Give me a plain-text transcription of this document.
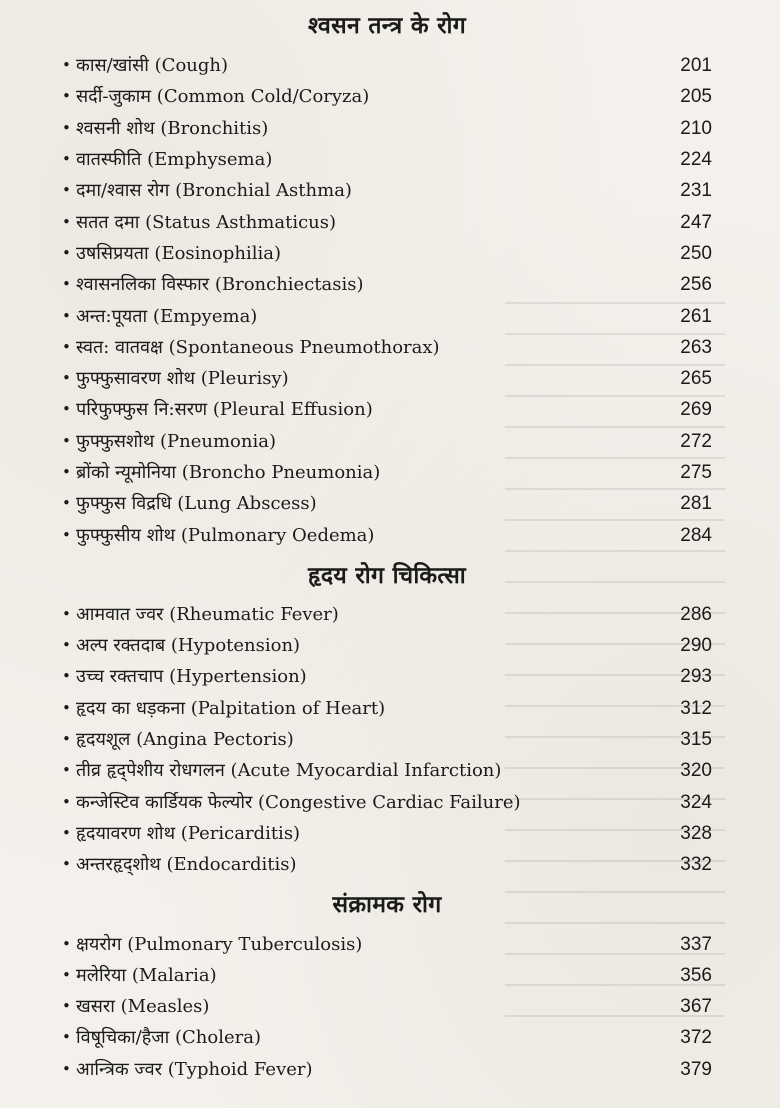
श्वसन तन्त्र के रोग
• कास/खांसी (Cough)	201
• सर्दी-जुकाम (Common Cold/Coryza)	205
• श्वसनी शोथ (Bronchitis)	210
• वातस्फीति (Emphysema)	224
• दमा/श्वास रोग (Bronchial Asthma)	231
• सतत दमा (Status Asthmaticus)	247
• उषसिप्रयता (Eosinophilia)	250
• श्वासनलिका विस्फार (Bronchiectasis)	256
• अन्त:पूयता (Empyema)	261
• स्वत: वातवक्ष (Spontaneous Pneumothorax)	263
• फुफ्फुसावरण शोथ (Pleurisy)	265
• परिफुफ्फुस नि:सरण (Pleural Effusion)	269
• फुफ्फुसशोथ (Pneumonia)	272
• ब्रोंको न्यूमोनिया (Broncho Pneumonia)	275
• फुफ्फुस विद्रधि (Lung Abscess)	281
• फुफ्फुसीय शोथ (Pulmonary Oedema)	284
हृदय रोग चिकित्सा
• आमवात ज्वर (Rheumatic Fever)	286
• अल्प रक्तदाब (Hypotension)	290
• उच्च रक्तचाप (Hypertension)	293
• हृदय का धड़कना (Palpitation of Heart)	312
• हृदयशूल (Angina Pectoris)	315
• तीव्र हृद्पेशीय रोधगलन (Acute Myocardial Infarction)	320
• कन्जेस्टिव कार्डियक फेल्योर (Congestive Cardiac Failure)	324
• हृदयावरण शोथ (Pericarditis)	328
• अन्तरहृद्शोथ (Endocarditis)	332
संक्रामक रोग
• क्षयरोग (Pulmonary Tuberculosis)	337
• मलेरिया (Malaria)	356
• खसरा (Measles)	367
• विषूचिका/हैजा (Cholera)	372
• आन्त्रिक ज्वर (Typhoid Fever)	379
